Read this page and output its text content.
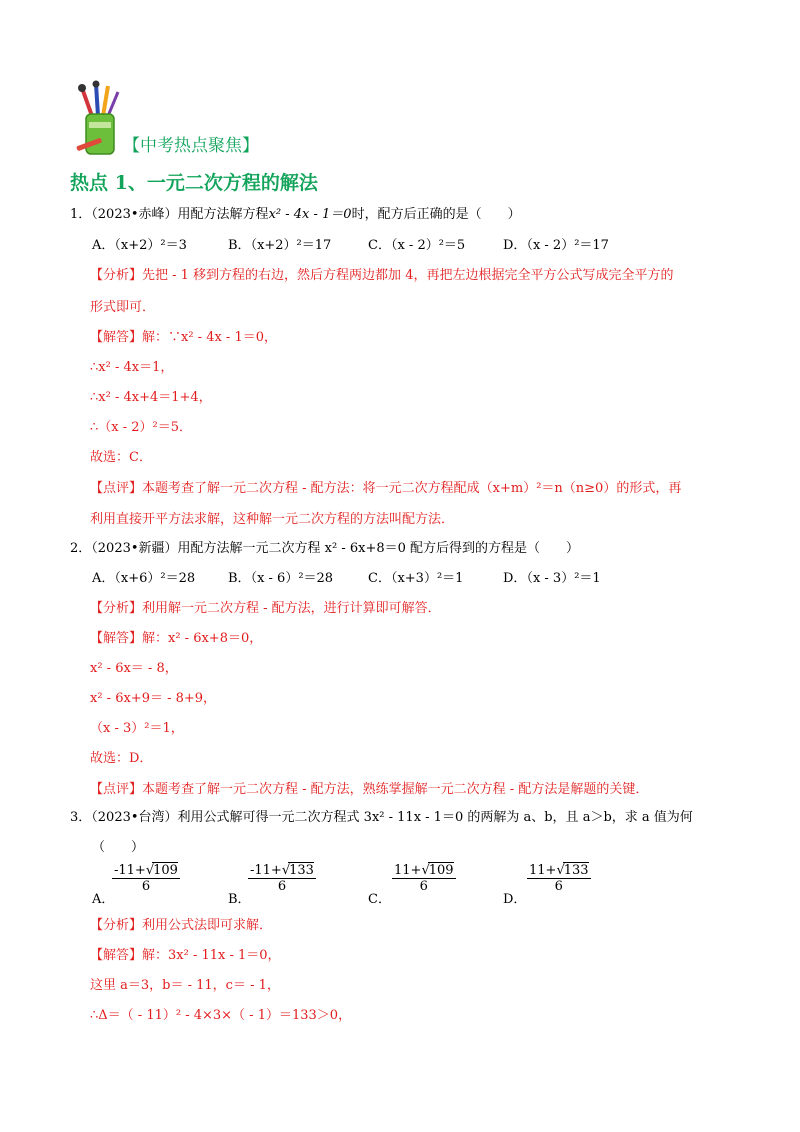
【中考热点聚焦】
热点 1、一元二次方程的解法
1．（2023•赤峰）用配方法解方程x² - 4x - 1＝0时，配方后正确的是（　　）
A．（x+2）²＝3	B．（x+2）²＝17	C．（x - 2）²＝5	D．（x - 2）²＝17
【分析】先把 - 1 移到方程的右边，然后方程两边都加 4，再把左边根据完全平方公式写成完全平方的
形式即可．
【解答】解：∵x² - 4x - 1＝0，
∴x² - 4x＝1，
∴x² - 4x+4＝1+4，
∴（x - 2）²＝5．
故选：C．
【点评】本题考查了解一元二次方程 - 配方法：将一元二次方程配成（x+m）²＝n（n≥0）的形式，再
利用直接开平方法求解，这种解一元二次方程的方法叫配方法．
2．（2023•新疆）用配方法解一元二次方程 x² - 6x+8＝0 配方后得到的方程是（　　）
A．（x+6）²＝28	B．（x - 6）²＝28	C．（x+3）²＝1	D．（x - 3）²＝1
【分析】利用解一元二次方程 - 配方法，进行计算即可解答．
【解答】解：x² - 6x+8＝0，
x² - 6x＝ - 8，
x² - 6x+9＝ - 8+9，
（x - 3）²＝1，
故选：D．
【点评】本题考查了解一元二次方程 - 配方法，熟练掌握解一元二次方程 - 配方法是解题的关键．
3．（2023•台湾）利用公式解可得一元二次方程式 3x² - 11x - 1＝0 的两解为 a、b，且 a＞b，求 a 值为何
（　　）
A．
$\frac{-11+√109}{6}$
B．
$\frac{-11+√133}{6}$
C．
$\frac{11+√109}{6}$
D．
$\frac{11+√133}{6}$
【分析】利用公式法即可求解．
【解答】解：3x² - 11x - 1＝0，
这里 a＝3，b＝ - 11，c＝ - 1，
∴Δ＝（ - 11）² - 4×3×（ - 1）＝133＞0，
